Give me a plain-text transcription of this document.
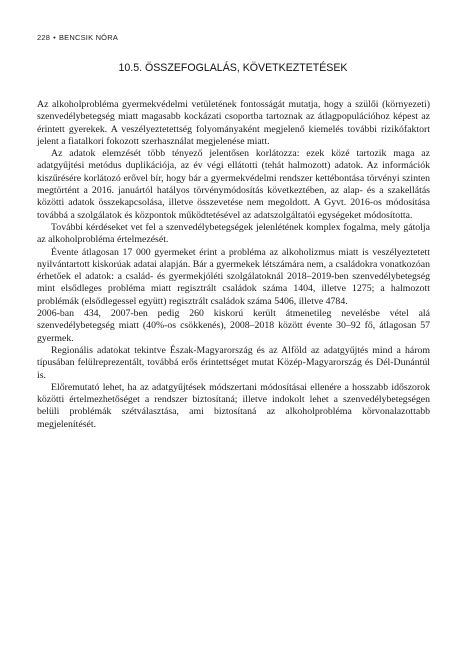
228 • BENCSIK NÓRA
10.5. ÖSSZEFOGLALÁS, KÖVETKEZTETÉSEK

Az alkoholprobléma gyermekvédelmi vetületének fontosságát mutatja, hogy a szülői (környezeti) szenvedélybetegség miatt magasabb kockázati csoportba tartoznak az átlagpopulációhoz képest az érintett gyerekek. A veszélyeztetettség folyományaként megjelenő kiemelés további rizikófaktort jelent a fiatalkori fokozott szerhasználat megjelenése miatt.

Az adatok elemzését több tényező jelentősen korlátozza: ezek közé tartozik maga az adatgyűjtési metódus duplikációja, az év végi ellátotti (tehát halmozott) adatok. Az információk kiszűrésére korlátozó erővel bír, hogy bár a gyermekvédelmi rendszer kettébontása törvényi szinten megtörtént a 2016. januártól hatályos törvénymódosítás következtében, az alap- és a szakellátás közötti adatok összekapcsolása, illetve összevetése nem megoldott. A Gyvt. 2016-os módosítása továbbá a szolgálatok és központok működtetésével az adatszolgáltatói egységeket módosította.

További kérdéseket vet fel a szenvedélybetegségek jelenlétének komplex fogalma, mely gátolja az alkoholprobléma értelmezését.

Évente átlagosan 17 000 gyermeket érint a probléma az alkoholizmus miatt is veszélyeztetett nyilvántartott kiskorúak adatai alapján. Bár a gyermekek létszámára nem, a családokra vonatkozóan érhetőek el adatok: a család- és gyermekjóléti szolgálatoknál 2018–2019-ben szenvedélybetegség mint elsődleges probléma miatt regisztrált családok száma 1404, illetve 1275; a halmozott problémák (elsődlegessel együtt) regisztrált családok száma 5406, illetve 4784.

2006-ban 434, 2007-ben pedig 260 kiskorú került átmenetileg nevelésbe vétel alá szenvedélybetegség miatt (40%-os csökkenés), 2008–2018 között évente 30–92 fő, átlagosan 57 gyermek.

Regionális adatokat tekintve Észak-Magyarország és az Alföld az adatgyűjtés mind a három típusában felülreprezentált, továbbá erős érintettséget mutat Közép-Magyarország és Dél-Dunántúl is.

Előremutató lehet, ha az adatgyűjtések módszertani módosításai ellenére a hosszabb időszorok közötti értelmezhetőséget a rendszer biztosítaná; illetve indokolt lehet a szenvedélybetegségen belüli problémák szétválasztása, ami biztosítaná az alkoholprobléma körvonalazottabb megjelenítését.
